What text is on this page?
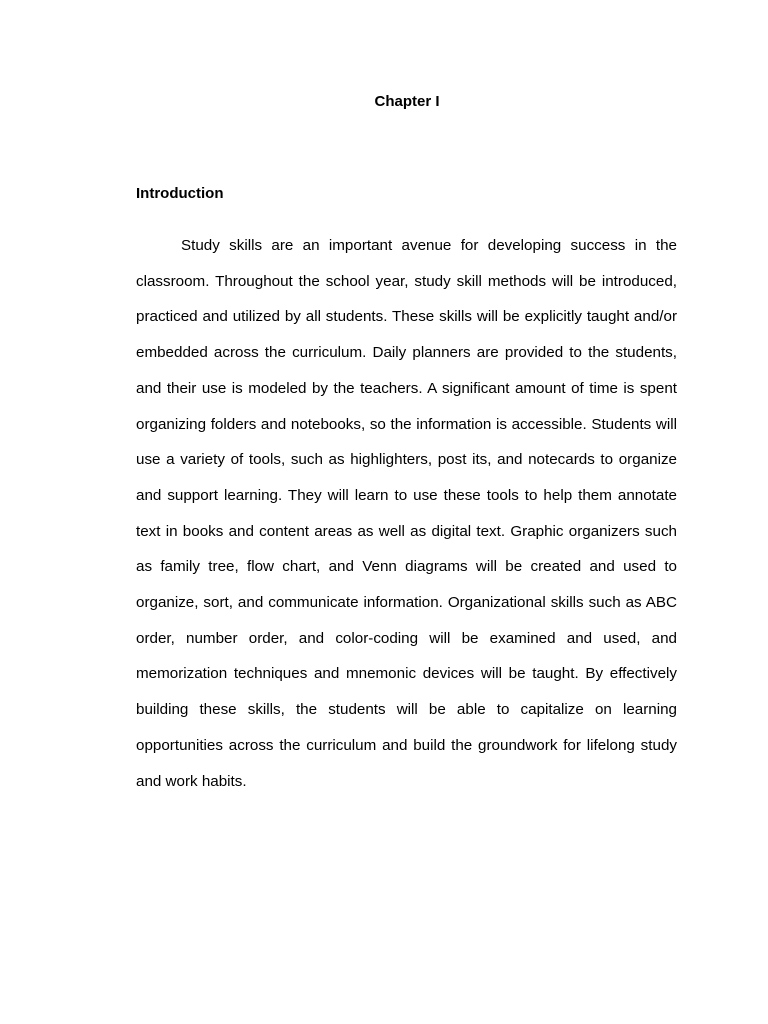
Chapter I
Introduction

Study skills are an important avenue for developing success in the classroom. Throughout the school year, study skill methods will be introduced, practiced and utilized by all students. These skills will be explicitly taught and/or embedded across the curriculum. Daily planners are provided to the students, and their use is modeled by the teachers. A significant amount of time is spent organizing folders and notebooks, so the information is accessible. Students will use a variety of tools, such as highlighters, post its, and notecards to organize and support learning. They will learn to use these tools to help them annotate text in books and content areas as well as digital text. Graphic organizers such as family tree, flow chart, and Venn diagrams will be created and used to organize, sort, and communicate information. Organizational skills such as ABC order, number order, and color-coding will be examined and used, and memorization techniques and mnemonic devices will be taught. By effectively building these skills, the students will be able to capitalize on learning opportunities across the curriculum and build the groundwork for lifelong study and work habits.
